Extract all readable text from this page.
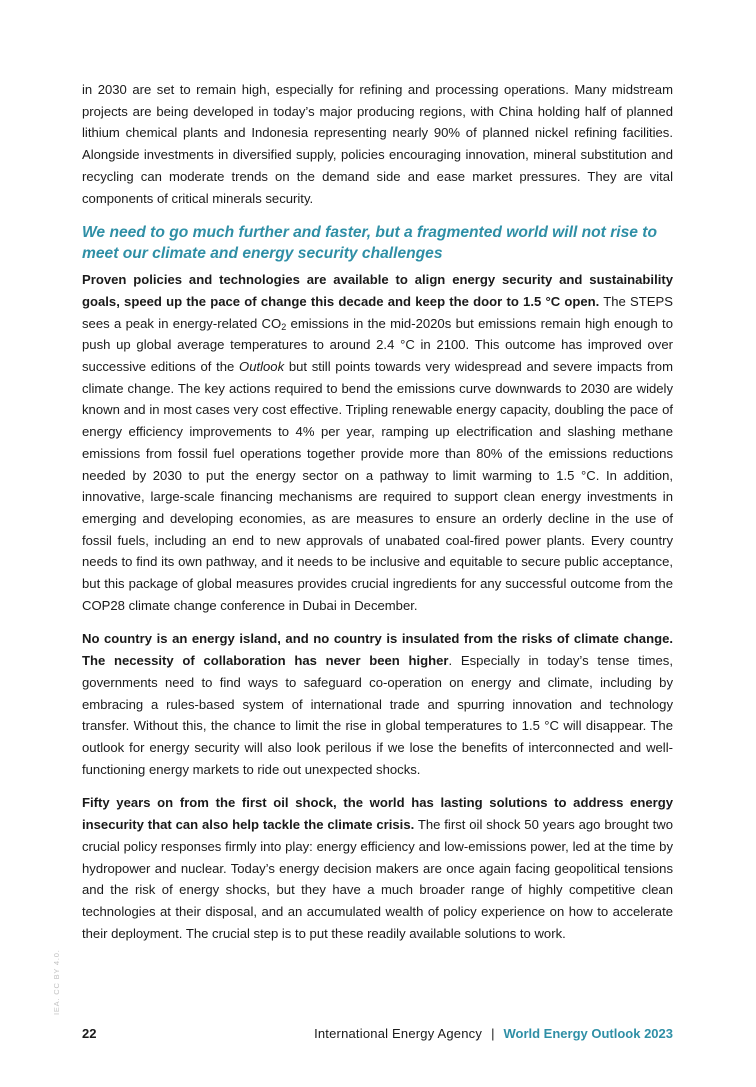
in 2030 are set to remain high, especially for refining and processing operations. Many midstream projects are being developed in today’s major producing regions, with China holding half of planned lithium chemical plants and Indonesia representing nearly 90% of planned nickel refining facilities. Alongside investments in diversified supply, policies encouraging innovation, mineral substitution and recycling can moderate trends on the demand side and ease market pressures. They are vital components of critical minerals security.

We need to go much further and faster, but a fragmented world will not rise to meet our climate and energy security challenges

Proven policies and technologies are available to align energy security and sustainability goals, speed up the pace of change this decade and keep the door to 1.5 °C open. The STEPS sees a peak in energy-related $CO_2$ emissions in the mid-2020s but emissions remain high enough to push up global average temperatures to around 2.4 °C in 2100. This outcome has improved over successive editions of the Outlook but still points towards very widespread and severe impacts from climate change. The key actions required to bend the emissions curve downwards to 2030 are widely known and in most cases very cost effective. Tripling renewable energy capacity, doubling the pace of energy efficiency improvements to 4% per year, ramping up electrification and slashing methane emissions from fossil fuel operations together provide more than 80% of the emissions reductions needed by 2030 to put the energy sector on a pathway to limit warming to 1.5 °C. In addition, innovative, large-scale financing mechanisms are required to support clean energy investments in emerging and developing economies, as are measures to ensure an orderly decline in the use of fossil fuels, including an end to new approvals of unabated coal-fired power plants. Every country needs to find its own pathway, and it needs to be inclusive and equitable to secure public acceptance, but this package of global measures provides crucial ingredients for any successful outcome from the COP28 climate change conference in Dubai in December.

No country is an energy island, and no country is insulated from the risks of climate change. The necessity of collaboration has never been higher. Especially in today’s tense times, governments need to find ways to safeguard co-operation on energy and climate, including by embracing a rules-based system of international trade and spurring innovation and technology transfer. Without this, the chance to limit the rise in global temperatures to 1.5 °C will disappear. The outlook for energy security will also look perilous if we lose the benefits of interconnected and well-functioning energy markets to ride out unexpected shocks.

Fifty years on from the first oil shock, the world has lasting solutions to address energy insecurity that can also help tackle the climate crisis. The first oil shock 50 years ago brought two crucial policy responses firmly into play: energy efficiency and low-emissions power, led at the time by hydropower and nuclear. Today’s energy decision makers are once again facing geopolitical tensions and the risk of energy shocks, but they have a much broader range of highly competitive clean technologies at their disposal, and an accumulated wealth of policy experience on how to accelerate their deployment. The crucial step is to put these readily available solutions to work.

IEA. CC BY 4.0.
22	International Energy Agency | World Energy Outlook 2023
